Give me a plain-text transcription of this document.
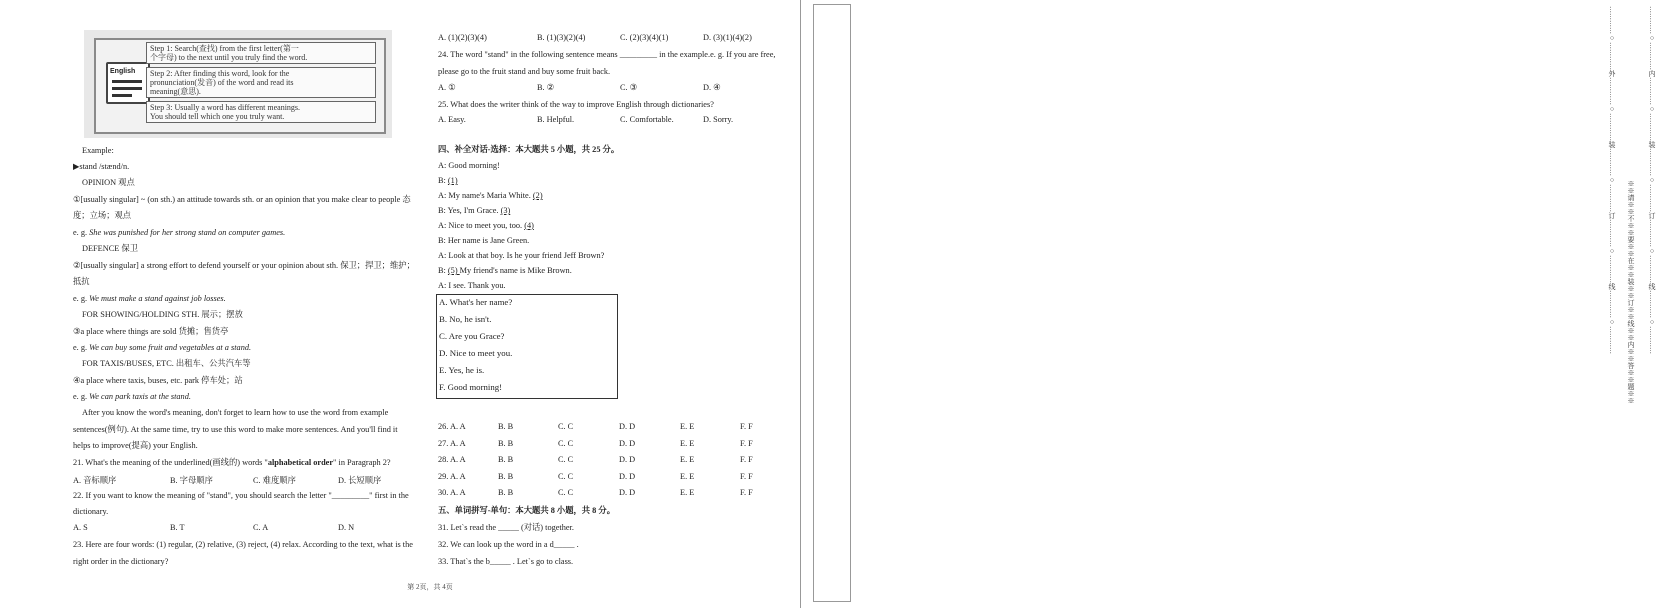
English
Step 1: Search(查找) from the first letter(第一
个字母) to the next until you truly find the word.
Step 2: After finding this word, look for the
pronunciation(发音) of the word and read its
meaning(意思).
Step 3: Usually a word has different meanings.
You should tell which one you truly want.
Example:
▶stand /stænd/n.
OPINION 观点
①[usually singular] ~ (on sth.) an attitude towards sth. or an opinion that you make clear to people 态
度；立场；观点
e. g. She was punished for her strong stand on computer games.
DEFENCE 保卫
②[usually singular] a strong effort to defend yourself or your opinion about sth. 保卫；捍卫；维护；
抵抗
e. g. We must make a stand against job losses.
FOR SHOWING/HOLDING STH. 展示；摆放
③a place where things are sold 货摊；售货亭
e. g. We can buy some fruit and vegetables at a stand.
FOR TAXIS/BUSES, ETC. 出租车、公共汽车等
④a place where taxis, buses, etc. park 停车处；站
e. g. We can park taxis at the stand.
After you know the word's meaning, don't forget to learn how to use the word from example
sentences(例句). At the same time, try to use this word to make more sentences. And you'll find it
helps to improve(提高) your English.
21. What's the meaning of the underlined(画线的) words "alphabetical order" in Paragraph 2?
A. 音标顺序	B. 字母顺序	C. 难度顺序	D. 长短顺序
22. If you want to know the meaning of "stand", you should search the letter "_________" first in the
dictionary.
A. S	B. T	C. A	D. N
23. Here are four words: (1) regular, (2) relative, (3) reject, (4) relax. According to the text, what is the
right order in the dictionary?
A. (1)(2)(3)(4)	B. (1)(3)(2)(4)	C. (2)(3)(4)(1)	D. (3)(1)(4)(2)
24. The word "stand" in the following sentence means _________ in the example.e. g. If you are free,
please go to the fruit stand and buy some fruit back.
A. ①	B. ②	C. ③	D. ④
25. What does the writer think of the way to improve English through dictionaries?
A. Easy.	B. Helpful.	C. Comfortable.	D. Sorry.
四、补全对话-选择：本大题共 5 小题，共 25 分。
A: Good morning!
B: (1)
A: My name's Maria White. (2)
B: Yes, I'm Grace. (3)
A: Nice to meet you, too. (4)
B: Her name is Jane Green.
A: Look at that boy. Is he your friend Jeff Brown?
B: (5) My friend's name is Mike Brown.
A: I see. Thank you.
A. What's her name?
B. No, he isn't.
C. Are you Grace?
D. Nice to meet you.
E. Yes, he is.
F. Good morning!
26. A. A	B. B	C. C	D. D	E. E	F. F
27. A. A	B. B	C. C	D. D	E. E	F. F
28. A. A	B. B	C. C	D. D	E. E	F. F
29. A. A	B. B	C. C	D. D	E. E	F. F
30. A. A	B. B	C. C	D. D	E. E	F. F
五、单词拼写-单句：本大题共 8 小题，共 8 分。
31. Let`s read the _____ (对话) together.
32. We can look up the word in a d_____ .
33. That`s the b_____ . Let`s go to class.
…………○…………外…………○…………装…………○…………订…………○…………线…………○………… ※※请※※不※※要※※在※※装※※订※※线※※内※※答※※题※※ …………○…………内…………○…………装…………○…………订…………○…………线…………○…………
第 2页，共 4页
